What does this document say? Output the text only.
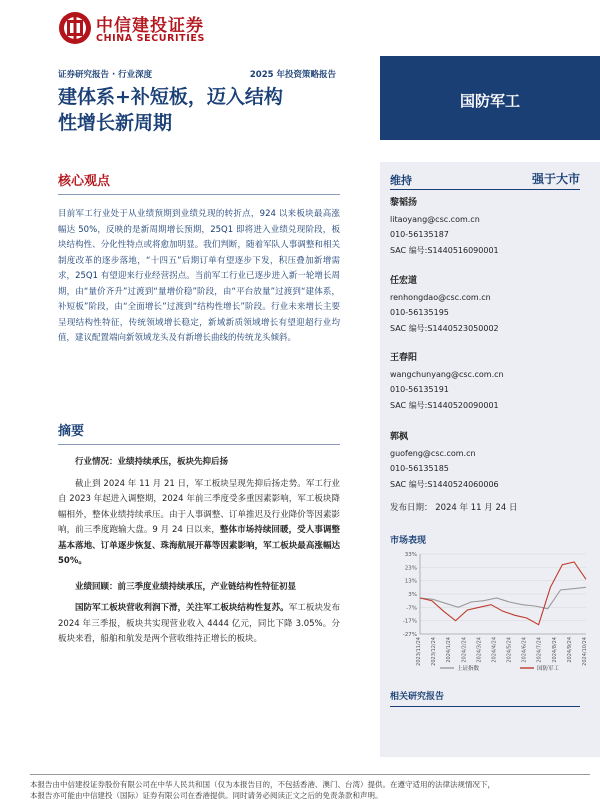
中信建投证券
CHINA SECURITIES
证券研究报告 · 行业深度	2025 年投资策略报告
建体系+补短板，迈入结构
性增长新周期
国防军工
核心观点
目前军工行业处于从业绩预期到业绩兑现的转折点，924 以来板块最高涨幅达 50%，反映的是新周期增长预期，25Q1 即将进入业绩兑现阶段，板块结构性、分化性特点或将愈加明显。我们判断，随着军队人事调整和相关制度改革的逐步落地，“十四五”后期订单有望逐步下发，积压叠加新增需求，25Q1 有望迎来行业经营拐点。当前军工行业已逐步进入新一轮增长周期，由“量价齐升”过渡到“量增价稳”阶段，由“平台放量”过渡到“建体系，补短板”阶段，由“全面增长”过渡到“结构性增长”阶段。行业未来增长主要呈现结构性特征，传统领域增长稳定，新域新质领域增长有望迎超行业均值，建议配置端向新领域龙头及有新增长曲线的传统龙头倾斜。
摘要
行业情况：业绩持续承压，板块先抑后扬
截止到 2024 年 11 月 21 日，军工板块呈现先抑后扬走势。军工行业自 2023 年起进入调整期，2024 年前三季度受多重因素影响，军工板块降幅相外，整体业绩持续承压。由于人事调整、订单推迟及行业降价等因素影响，前三季度跑输大盘。9 月 24 日以来，整体市场持续回暖，受人事调整基本落地、订单逐步恢复、珠海航展开幕等因素影响，军工板块最高涨幅达 50%。
业绩回顾：前三季度业绩持续承压，产业链结构性特征初显
国防军工板块营收利润下滑，关注军工板块结构性复苏。军工板块发布 2024 年三季报，板块共实现营业收入 4444 亿元，同比下降 3.05%。分板块来看，船舶和航发是两个营收维持正增长的板块。
维持	强于大市
黎韬扬
litaoyang@csc.com.cn
010-56135187
SAC 编号:S1440516090001
任宏道
renhongdao@csc.com.cn
010-56135195
SAC 编号:S1440523050002
王春阳
wangchunyang@csc.com.cn
010-56135191
SAC 编号:S1440520090001
郭枫
guofeng@csc.com.cn
010-56135185
SAC 编号:S1440524060006
发布日期： 2024 年 11 月 24 日
市场表现
-27%
-17%
-7%
3%
13%
23%
33%
2023/11/24 2023/12/24 2024/1/24 2024/2/24 2024/3/24 2024/4/24 2024/5/24 2024/6/24 2024/7/24 2024/8/24 2024/9/24 2024/10/24
上证指数	国防军工
相关研究报告
本报告由中信建投证券股份有限公司在中华人民共和国（仅为本报告目的，不包括香港、澳门、台湾）提供。在遵守适用的法律法规情况下，
本报告亦可能由中信建投（国际）证券有限公司在香港提供。同时请务必阅读正文之后的免责条款和声明。
